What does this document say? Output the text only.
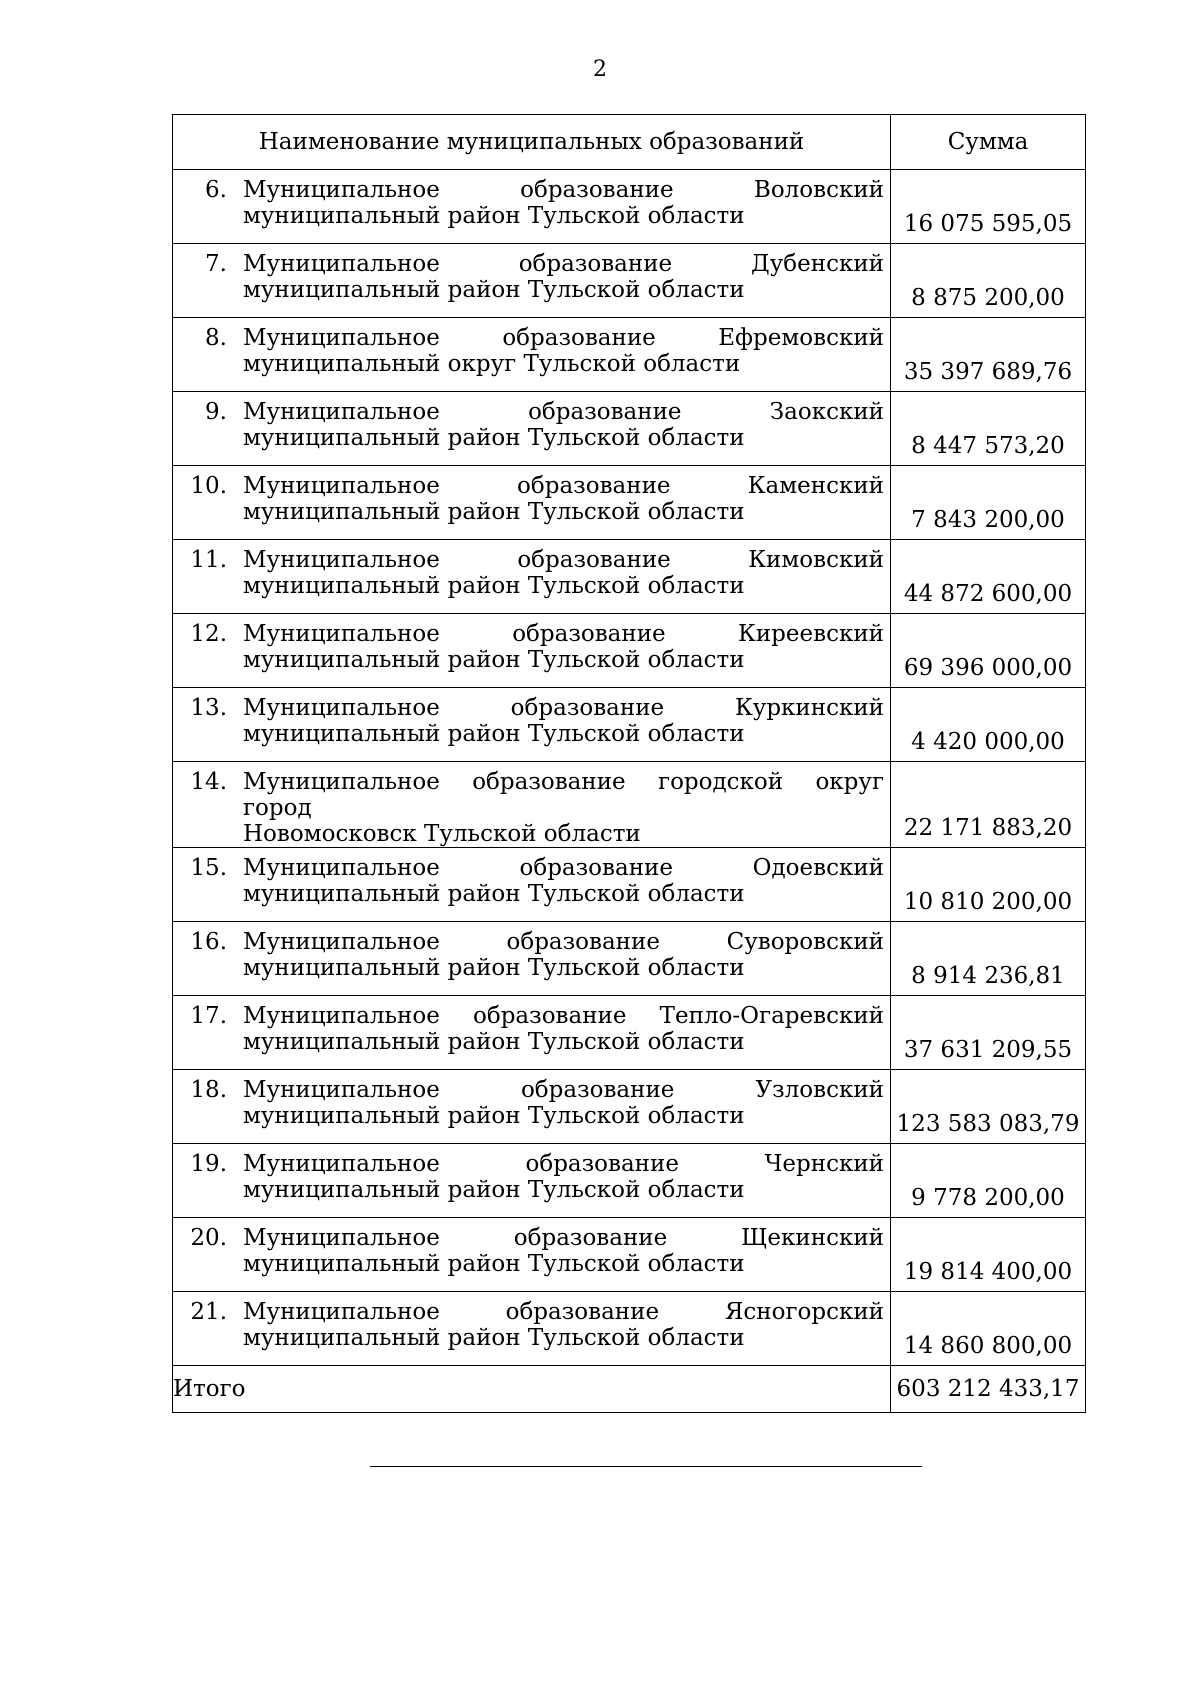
2
Наименование муниципальных образований	Сумма

6. Муниципальное образование Воловский
муниципальный район Тульской области	16 075 595,05

7. Муниципальное образование Дубенский
муниципальный район Тульской области	8 875 200,00

8. Муниципальное образование Ефремовский
муниципальный округ Тульской области	35 397 689,76

9. Муниципальное образование Заокский
муниципальный район Тульской области	8 447 573,20

10. Муниципальное образование Каменский
муниципальный район Тульской области	7 843 200,00

11. Муниципальное образование Кимовский
муниципальный район Тульской области	44 872 600,00

12. Муниципальное образование Киреевский
муниципальный район Тульской области	69 396 000,00

13. Муниципальное образование Куркинский
муниципальный район Тульской области	4 420 000,00

14. Муниципальное образование городской округ город
Новомосковск Тульской области	22 171 883,20

15. Муниципальное образование Одоевский
муниципальный район Тульской области	10 810 200,00

16. Муниципальное образование Суворовский
муниципальный район Тульской области	8 914 236,81

17. Муниципальное образование Тепло-Огаревский
муниципальный район Тульской области	37 631 209,55

18. Муниципальное образование Узловский
муниципальный район Тульской области	123 583 083,79

19. Муниципальное образование Чернский
муниципальный район Тульской области	9 778 200,00

20. Муниципальное образование Щекинский
муниципальный район Тульской области	19 814 400,00

21. Муниципальное образование Ясногорский
муниципальный район Тульской области	14 860 800,00

Итого	603 212 433,17
